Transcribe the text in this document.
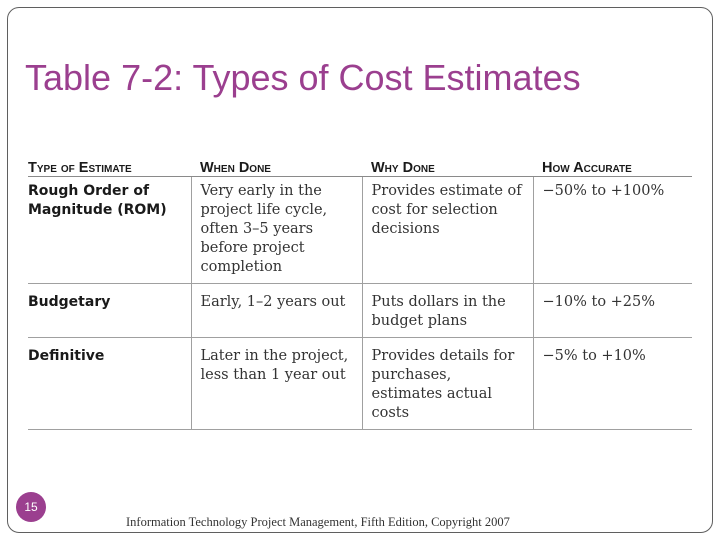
Table 7-2: Types of Cost Estimates
Type of Estimate	When Done	Why Done	How Accurate
Rough Order of Magnitude (ROM)	Very early in the project life cycle, often 3–5 years before project completion	Provides estimate of cost for selection decisions	−50% to +100%
Budgetary	Early, 1–2 years out	Puts dollars in the budget plans	−10% to +25%
Definitive	Later in the project, less than 1 year out	Provides details for purchases, estimates actual costs	−5% to +10%
15
Information Technology Project Management, Fifth Edition, Copyright 2007
